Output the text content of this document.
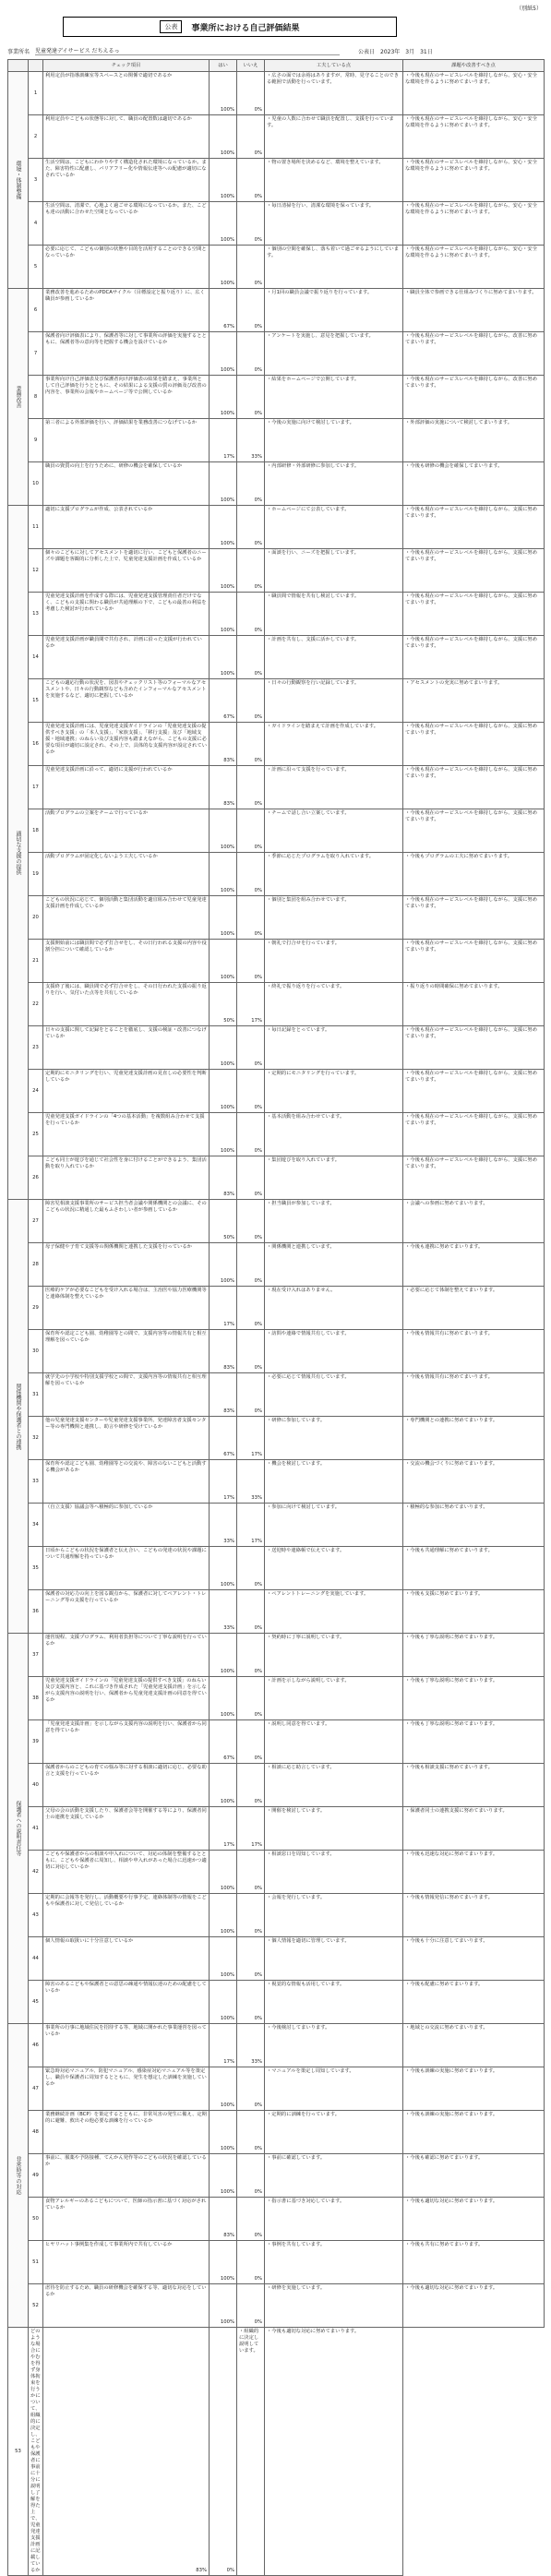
（別紙5）
公表	事業所における自己評価結果
事業所名 児童発達デイサービス だちえるっ	公表日 2023年　3月　31日
		チェック項目	はい	いいえ	工夫している点	課題や改善すべき点
環境・体制整備	1	利用定員が指導訓練室等スペースとの関係で適切であるか	100%	0%	・広さの面では余裕はありますが、常時、見守ることのできる範囲で活動を行っています。	・今後も現在のサービスレベルを維持しながら、安心・安全な環境を作るように努めてまいります。
	2	利用定員やこどもの状態等に対して、職員の配置数は適切であるか	100%	0%	・児童の人数に合わせて職員を配置し、支援を行っています。	・今後も現在のサービスレベルを維持しながら、安心・安全な環境を作るように努めてまいります。
	3	生活空間は、こどもにわかりやすく構造化された環境になっているか。また、障害特性に配慮し、バリアフリー化や情報伝達等への配慮が適切になされているか	100%	0%	・物の置き場所を決めるなど、環境を整えています。	・今後も現在のサービスレベルを維持しながら、安心・安全な環境を作るように努めてまいります。
	4	生活空間は、清潔で、心地よく過ごせる環境になっているか。また、こども達の活動に合わせた空間となっているか	100%	0%	・毎日清掃を行い、清潔な環境を保っています。	・今後も現在のサービスレベルを維持しながら、安心・安全な環境を作るように努めてまいります。
	5	必要に応じて、こどもの個別の状態や目的を活用することのできる空間となっているか	100%	0%	・個別の空間を確保し、落ち着いて過ごせるようにしています。	・今後も現在のサービスレベルを維持しながら、安心・安全な環境を作るように努めてまいります。
業務改善	6	業務改善を進めるためのPDCAサイクル（目標設定と振り返り）に、広く職員が参画しているか	67%	0%	・月1回の職員会議で振り返りを行っています。	・職員全体で参画できる仕組みづくりに努めてまいります。
	7	保護者向け評価表により、保護者等に対して事業所の評価を実施するとともに、保護者等の意向等を把握する機会を設けているか	100%	0%	・アンケートを実施し、意見を把握しています。	・今後も現在のサービスレベルを維持しながら、改善に努めてまいります。
	8	事業所向け自己評価表及び保護者向け評価表の結果を踏まえ、事業所として自己評価を行うとともに、その結果による支援の質の評価及び改善の内容を、事業所の会報やホームページ等で公開しているか	100%	0%	・結果をホームページで公開しています。	・今後も現在のサービスレベルを維持しながら、改善に努めてまいります。
	9	第三者による外部評価を行い、評価結果を業務改善につなげているか	17%	33%	・今後の実施に向けて検討しています。	・外部評価の実施について検討してまいります。
	10	職員の資質の向上を行うために、研修の機会を確保しているか	100%	0%	・内部研修・外部研修に参加しています。	・今後も研修の機会を確保してまいります。
適切な支援の提供	11	適切に支援プログラムが作成、公表されているか	100%	0%	・ホームページにて公表しています。	・今後も現在のサービスレベルを維持しながら、支援に努めてまいります。
	12	個々のこどもに対してアセスメントを適切に行い、こどもと保護者のニーズや課題を客観的に分析した上で、児童発達支援計画を作成しているか	100%	0%	・面談を行い、ニーズを把握しています。	・今後も現在のサービスレベルを維持しながら、支援に努めてまいります。
	13	児童発達支援計画を作成する際には、児童発達支援管理責任者だけでなく、こどもの支援に関わる職員が共通理解の下で、こどもの最善の利益を考慮した検討が行われているか	100%	0%	・職員間で情報を共有し検討しています。	・今後も現在のサービスレベルを維持しながら、支援に努めてまいります。
	14	児童発達支援計画が職員間で共有され、計画に沿った支援が行われているか	100%	0%	・計画を共有し、支援に活かしています。	・今後も現在のサービスレベルを維持しながら、支援に努めてまいります。
	15	こどもの適応行動の状況を、図表やチェックリスト等のフォーマルなアセスメントや、日々の行動観察なども含めたインフォーマルなアセスメントを実施するなど、適切に把握しているか	67%	0%	・日々の行動観察を行い記録しています。	・アセスメントの充実に努めてまいります。
	16	児童発達支援計画には、児童発達支援ガイドラインの「児童発達支援の提供すべき支援」の「本人支援」、「家族支援」、「移行支援」及び「地域支援・地域連携」のねらい及び支援内容も踏まえながら、こどもの支援に必要な項目が適切に設定され、その上で、具体的な支援内容が設定されているか	83%	0%	・ガイドラインを踏まえて計画を作成しています。	・今後も現在のサービスレベルを維持しながら、支援に努めてまいります。
	17	児童発達支援計画に沿って、適切に支援が行われているか	83%	0%	・計画に沿って支援を行っています。	・今後も現在のサービスレベルを維持しながら、支援に努めてまいります。
	18	活動プログラムの立案をチームで行っているか	100%	0%	・チームで話し合い立案しています。	・今後も現在のサービスレベルを維持しながら、支援に努めてまいります。
	19	活動プログラムが固定化しないよう工夫しているか	100%	0%	・季節に応じたプログラムを取り入れています。	・今後もプログラムの工夫に努めてまいります。
	20	こどもの状況に応じて、個別活動と集団活動を適宜組み合わせて児童発達支援計画を作成しているか	100%	0%	・個別と集団を組み合わせています。	・今後も現在のサービスレベルを維持しながら、支援に努めてまいります。
	21	支援開始前には職員間で必ず打合せをし、その日行われる支援の内容や役割分担について確認しているか	100%	0%	・朝礼で打合せを行っています。	・今後も現在のサービスレベルを維持しながら、支援に努めてまいります。
	22	支援終了後には、職員間で必ず打合せをし、その日行われた支援の振り返りを行い、気付いた点等を共有しているか	50%	17%	・終礼で振り返りを行っています。	・振り返りの時間確保に努めてまいります。
	23	日々の支援に関して記録をとることを徹底し、支援の検証・改善につなげているか	100%	0%	・毎日記録をとっています。	・今後も現在のサービスレベルを維持しながら、支援に努めてまいります。
	24	定期的にモニタリングを行い、児童発達支援計画の見直しの必要性を判断しているか	100%	0%	・定期的にモニタリングを行っています。	・今後も現在のサービスレベルを維持しながら、支援に努めてまいります。
	25	児童発達支援ガイドラインの「4つの基本活動」を複数組み合わせて支援を行っているか	100%	0%	・基本活動を組み合わせています。	・今後も現在のサービスレベルを維持しながら、支援に努めてまいります。
	26	こども同士が遊びを通じて社会性を身に付けることができるよう、集団活動を取り入れているか	83%	0%	・集団遊びを取り入れています。	・今後も現在のサービスレベルを維持しながら、支援に努めてまいります。
関係機関や保護者との連携	27	障害児相談支援事業所のサービス担当者会議や関係機関との会議に、そのこどもの状況に精通した最もふさわしい者が参画しているか	50%	0%	・担当職員が参加しています。	・会議への参画に努めてまいります。
	28	母子保健や子育て支援等の関係機関と連携した支援を行っているか	100%	0%	・関係機関と連携しています。	・今後も連携に努めてまいります。
	29	医療的ケアが必要なこどもを受け入れる場合は、主治医や協力医療機関等と連絡体制を整えているか	17%	0%	・現在受け入れはありません。	・必要に応じて体制を整えてまいります。
	30	保育所や認定こども園、幼稚園等との間で、支援内容等の情報共有と相互理解を図っているか	83%	0%	・訪問や連絡で情報共有しています。	・今後も情報共有に努めてまいります。
	31	就学先の小学校や特別支援学校との間で、支援内容等の情報共有と相互理解を図っているか	83%	0%	・必要に応じて情報共有しています。	・今後も情報共有に努めてまいります。
	32	他の児童発達支援センターや児童発達支援事業所、発達障害者支援センター等の専門機関と連携し、助言や研修を受けているか	67%	17%	・研修に参加しています。	・専門機関との連携に努めてまいります。
	33	保育所や認定こども園、幼稚園等との交流や、障害のないこどもと活動する機会があるか	17%	33%	・機会を検討しています。	・交流の機会づくりに努めてまいります。
	34	（自立支援）協議会等へ積極的に参加しているか	33%	17%	・参加に向けて検討しています。	・積極的な参加に努めてまいります。
	35	日頃からこどもの状況を保護者と伝え合い、こどもの発達の状況や課題について共通理解を持っているか	100%	0%	・送迎時や連絡帳で伝えています。	・今後も共通理解に努めてまいります。
	36	保護者の対応力の向上を図る観点から、保護者に対してペアレント・トレーニング等の支援を行っているか	33%	0%	・ペアレントトレーニングを実施しています。	・今後も支援に努めてまいります。
保護者への説明責任等	37	運営規程、支援プログラム、利用者負担等について丁寧な説明を行っているか	100%	0%	・契約時に丁寧に説明しています。	・今後も丁寧な説明に努めてまいります。
	38	児童発達支援ガイドラインの「児童発達支援の提供すべき支援」のねらい及び支援内容と、これに基づき作成された「児童発達支援計画」を示しながら支援内容の説明を行い、保護者から児童発達支援計画の同意を得ているか	100%	0%	・計画を示しながら説明しています。	・今後も丁寧な説明に努めてまいります。
	39	「児童発達支援計画」を示しながら支援内容の説明を行い、保護者から同意を得ているか	67%	0%	・説明し同意を得ています。	・今後も丁寧な説明に努めてまいります。
	40	保護者からのこどもの育ての悩み等に対する相談に適切に応じ、必要な助言と支援を行っているか	100%	0%	・相談に応じ助言しています。	・今後も相談支援に努めてまいります。
	41	父母の会の活動を支援したり、保護者会等を開催する等により、保護者同士の連携を支援しているか	17%	17%	・開催を検討しています。	・保護者同士の連携支援に努めてまいります。
	42	こどもや保護者からの相談や申入れについて、対応の体制を整備するとともに、こどもや保護者に周知し、相談や申入れがあった場合に迅速かつ適切に対応しているか	100%	0%	・相談窓口を周知しています。	・今後も迅速な対応に努めてまいります。
	43	定期的に会報等を発行し、活動概要や行事予定、連絡体制等の情報をこどもや保護者に対して発信しているか	100%	0%	・会報を発行しています。	・今後も情報発信に努めてまいります。
	44	個人情報の取扱いに十分注意しているか	100%	0%	・個人情報を適切に管理しています。	・今後も十分に注意してまいります。
	45	障害のあるこどもや保護者との意思の疎通や情報伝達のための配慮をしているか	100%	0%	・視覚的な情報も活用しています。	・今後も配慮に努めてまいります。
非常時等の対応	46	事業所の行事に地域住民を招待する等、地域に開かれた事業運営を図っているか	17%	33%	・今後検討してまいります。	・地域との交流に努めてまいります。
	47	緊急時対応マニュアル、防犯マニュアル、感染症対応マニュアル等を策定し、職員や保護者に周知するとともに、発生を想定した訓練を実施しているか	100%	0%	・マニュアルを策定し周知しています。	・今後も訓練の実施に努めてまいります。
	48	業務継続計画（BCP）を策定するとともに、非常災害の発生に備え、定期的に避難、救出その他必要な訓練を行っているか	100%	0%	・定期的に訓練を行っています。	・今後も訓練の実施に努めてまいります。
	49	事前に、服薬や予防接種、てんかん発作等のこどもの状況を確認しているか	100%	0%	・事前に確認しています。	・今後も確認に努めてまいります。
	50	食物アレルギーのあるこどもについて、医師の指示書に基づく対応がされているか	83%	0%	・指示書に基づき対応しています。	・今後も適切な対応に努めてまいります。
	51	ヒヤリハット事例集を作成して事業所内で共有しているか	100%	0%	・事例を共有しています。	・今後も共有に努めてまいります。
	52	虐待を防止するため、職員の研修機会を確保する等、適切な対応をしているか	100%	0%	・研修を実施しています。	・今後も適切な対応に努めてまいります。
53	どのような場合にやむを得ず身体拘束を行うかについて、組織的に決定し、こどもや保護者に事前に十分に説明し了解を得た上で、児童発達支援計画に記載しているか	83%	0%	・組織的に決定し説明しています。	・今後も適切な対応に努めてまいります。	
